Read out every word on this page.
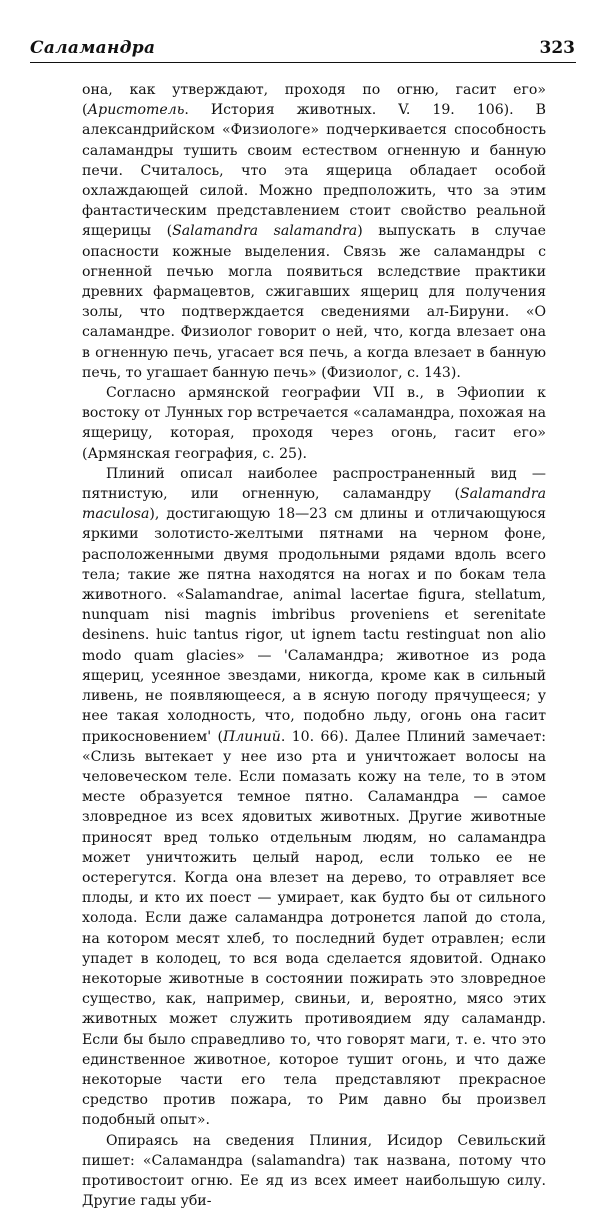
Саламандра	323

она, как утверждают, проходя по огню, гасит его» (Аристотель. История животных. V. 19. 106). В александрийском «Физиологе» подчеркивается способность саламандры тушить своим естеством огненную и банную печи. Считалось, что эта ящерица обладает особой охлаждающей силой. Можно предположить, что за этим фантастическим представлением стоит свойство реальной ящерицы (Salamandra salamandra) выпускать в случае опасности кожные выделения. Связь же саламандры с огненной печью могла появиться вследствие практики древних фармацевтов, сжигавших ящериц для получения золы, что подтверждается сведениями ал-Бируни. «О саламандре. Физиолог говорит о ней, что, когда влезает она в огненную печь, угасает вся печь, а когда влезает в банную печь, то угашает банную печь» (Физиолог, с. 143).

Согласно армянской географии VII в., в Эфиопии к востоку от Лунных гор встречается «саламандра, похожая на ящерицу, которая, проходя через огонь, гасит его» (Армянская география, с. 25).

Плиний описал наиболее распространенный вид — пятнистую, или огненную, саламандру (Salamandra maculosa), достигающую 18—23 см длины и отличающуюся яркими золотисто-желтыми пятнами на черном фоне, расположенными двумя продольными рядами вдоль всего тела; такие же пятна находятся на ногах и по бокам тела животного. «Salamandrae, animal lacertae figura, stellatum, nunquam nisi magnis imbribus proveniens et serenitate desinens. huic tantus rigor, ut ignem tactu restinguat non alio modo quam glacies» — 'Саламандра; животное из рода ящериц, усеянное звездами, никогда, кроме как в сильный ливень, не появляющееся, а в ясную погоду прячущееся; у нее такая холодность, что, подобно льду, огонь она гасит прикосновением' (Плиний. 10. 66). Далее Плиний замечает: «Слизь вытекает у нее изо рта и уничтожает волосы на человеческом теле. Если помазать кожу на теле, то в этом месте образуется темное пятно. Саламандра — самое зловредное из всех ядовитых животных. Другие животные приносят вред только отдельным людям, но саламандра может уничтожить целый народ, если только ее не остерегутся. Когда она влезет на дерево, то отравляет все плоды, и кто их поест — умирает, как будто бы от сильного холода. Если даже саламандра дотронется лапой до стола, на котором месят хлеб, то последний будет отравлен; если упадет в колодец, то вся вода сделается ядовитой. Однако некоторые животные в состоянии пожирать это зловредное существо, как, например, свиньи, и, вероятно, мясо этих животных может служить противоядием яду саламандр. Если бы было справедливо то, что говорят маги, т. е. что это единственное животное, которое тушит огонь, и что даже некоторые части его тела представляют прекрасное средство против пожара, то Рим давно бы произвел подобный опыт».

Опираясь на сведения Плиния, Исидор Севильский пишет: «Саламандра (salamandra) так названа, потому что противостоит огню. Ее яд из всех имеет наибольшую силу. Другие гады уби-
